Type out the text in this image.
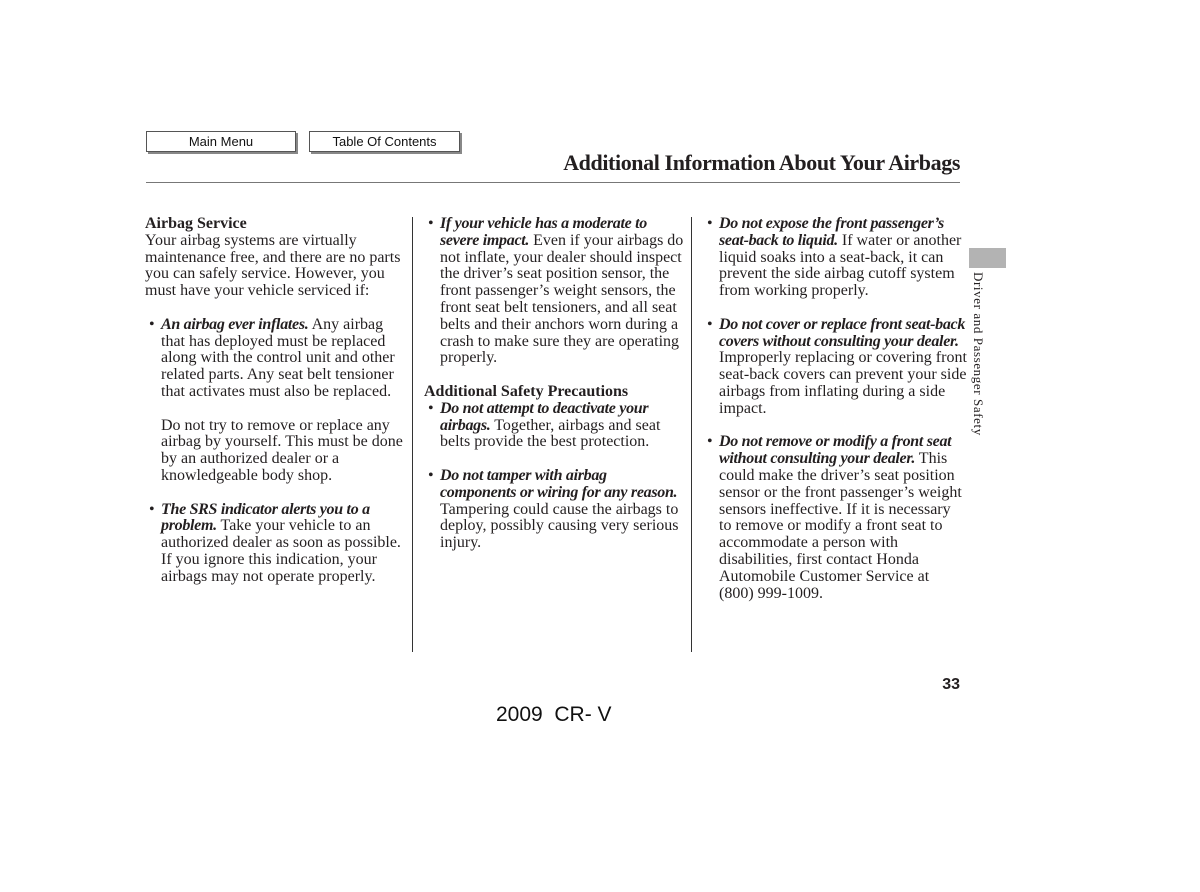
Main Menu	Table Of Contents
Additional Information About Your Airbags

Airbag Service

Your airbag systems are virtually maintenance free, and there are no parts you can safely service. However, you must have your vehicle serviced if:

• An airbag ever inflates. Any airbag that has deployed must be replaced along with the control unit and other related parts. Any seat belt tensioner that activates must also be replaced.

Do not try to remove or replace any airbag by yourself. This must be done by an authorized dealer or a knowledgeable body shop.

• The SRS indicator alerts you to a problem. Take your vehicle to an authorized dealer as soon as possible. If you ignore this indication, your airbags may not operate properly.

• If your vehicle has a moderate to severe impact. Even if your airbags do not inflate, your dealer should inspect the driver’s seat position sensor, the front passenger’s weight sensors, the front seat belt tensioners, and all seat belts and their anchors worn during a crash to make sure they are operating properly.

Additional Safety Precautions

• Do not attempt to deactivate your airbags. Together, airbags and seat belts provide the best protection.

• Do not tamper with airbag components or wiring for any reason. Tampering could cause the airbags to deploy, possibly causing very serious injury.

• Do not expose the front passenger’s seat-back to liquid. If water or another liquid soaks into a seat-back, it can prevent the side airbag cutoff system from working properly.

• Do not cover or replace front seat-back covers without consulting your dealer. Improperly replacing or covering front seat-back covers can prevent your side airbags from inflating during a side impact.

• Do not remove or modify a front seat without consulting your dealer. This could make the driver’s seat position sensor or the front passenger’s weight sensors ineffective. If it is necessary to remove or modify a front seat to accommodate a person with disabilities, first contact Honda Automobile Customer Service at (800) 999-1009.

Driver and Passenger Safety
33
2009  CR- V
